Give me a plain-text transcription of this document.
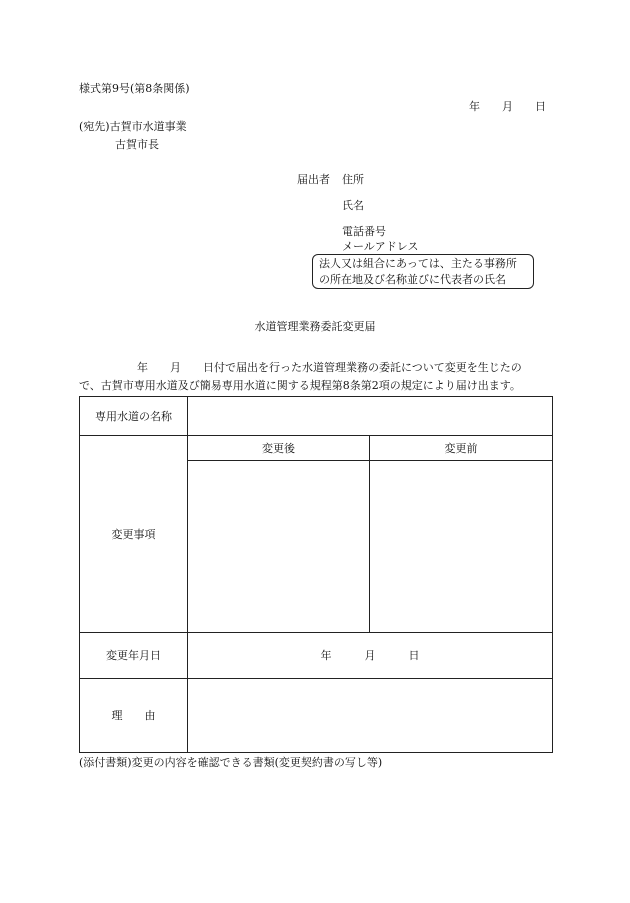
様式第9号(第8条関係)
年　　月　　日
(宛先)古賀市水道事業
古賀市長
届出者 住所
氏名
電話番号
メールアドレス
法人又は組合にあっては、主たる事務所
の所在地及び名称並びに代表者の氏名
水道管理業務委託変更届
年　　月　　日付で届出を行った水道管理業務の委託について変更を生じたの
で、古賀市専用水道及び簡易専用水道に関する規程第8条第2項の規定により届け出ます。
専用水道の名称		
変更事項	変更後	変更前

変更年月日	年　　　月　　　日	
理　　由		
(添付書類)変更の内容を確認できる書類(変更契約書の写し等)
